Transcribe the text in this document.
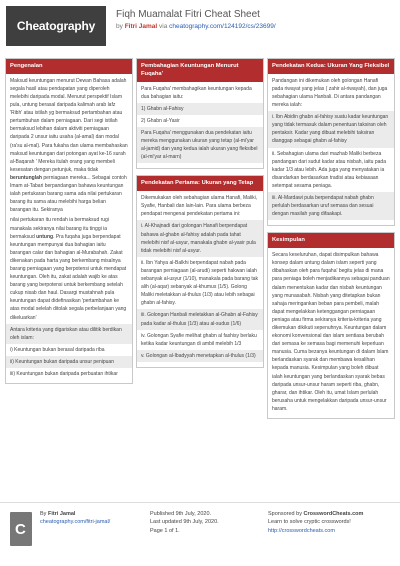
Cheatography
Fiqh Muamalat Fitri Cheat Sheet
by Fitri Jamal via cheatography.com/124192/cs/23699/
Pengenalan

Maksud keuntungan menurut Dewan Bahasa adalah segala hasil atau pendapatan yang diperoleh melebihi daripada modal. Menurut perspektif Islam pula, untung berasal daripada kalimah arab lafz 'Ribh' atau istilah yg bermaksud pertambahan atau pertumbuhan dalam perniagaan. Dari segi istilah bermaksud lebihan dalam aktiviti perniagaan daripada 2 unsur iaitu usaha (al-amal) dan modal (ra'su al-mal). Para fukaha dan ulama membahaskan maksud keuntungan dari potongan ayat ke-16 surah al-Baqarah ' Mereka itulah orang yang membeli kesesatan dengan petunjuk, maka tidak beruntunglah perniagaan mereka... Sebagai contoh Imam at-Tabari berpandangan bahawa keuntungan ialah pertukaran barang sama ada nilai pertukaran barang itu sama atau melebihi harga belian barangan itu. Sekiranya

nilai pertukaran itu rendah ia bermaksud rugi manakala sekiranya nilai barang itu tinggi ia bermaksud untung. Pra fuqaha juga berpendapat keuntungan mempunyai dua bahagian iaitu barangan calar dan bahagian al-Murabahah. Zakat dikenakan pada harta yang berkembang misalnya barang perniagaan yang berpotensi untuk mendapat keuntungan. Oleh itu, zakat adalah wajib ke atas barang yang berpotensi untuk berkembang setelah cukup nisab dan haul. Dasargi mustahnah pula keuntungan dapat didefinasikan 'pertambahan ke atas modal selelah ditolak segala perbelanjaan yang dikeluarkan'

Antara kriteria yang digariskan atau dilitik berdikan oleh islam:

i) Keuntungan bukan berasal daripada riba

ii) Keuntungan bukan daripada unsur penipuan

iii) Keuntungan bukan daripada perbuatan ihtikar

Pembahagian Keuntungan Menurut Fuqaha'

Para Fuqaha' membahagikan keuntungan kepada dua bahagian iaitu:

1) Ghabn al-Fahisy

2) Ghabn al-Yasir

Para Fuqaha' menggunakan dua pendekatan iaitu mereka menggunakan ukuran yang tetap (al-mi'yar al-jamid) dan yang kedua ialah ukuran yang fleksibel (al-mi'yar al-marn)

Pendekatan Pertama: Ukuran yang Tetap

Dikemukakan oleh sebahagian ulama Hanafi, Maliki, Syafie, Hanbali dan lain-lain. Para ulama berbeza pendapat mengenai pendekatan pertama ini:

i. Al-Khajnadi dari golongan Hanafi berpendapat bahawa al-ghabn al-fahisy adalah pada tahat melebihi nisf al-usyur, manakala ghabn al-yasir pula tidak melebihi nisf al-usyur.

ii. Ibn Yahya al-Balkhi berpendapat nabah pada barangan perniagaan (al-arudi) seperti hakwan ialah sebanyak al-usyur (1/10), manakala pada barang tak alih (al-aqar) sebanyak al-khumus (1/5). Golong Maliki meletakkan al-thulus (1/3) atau lebih sebagai ghabn al-fahisy.

iii. Golongan Hanbali meletakkan al-Ghabn al-Fahisy pada kadar al-thulus (1/3) atau al-sudus (1/6)

iv. Golongan Syafie melihat ghabn al fashisy berlaku ketika kadar keuntungan di ambil melebih 1/3

v. Golongan al-Ibadyyah menetapkan al-thulus (1/3)

Pendekatan Kedua: Ukuran Yang Fleksibel

Pandangan ini dikemukan oleh golongan Hanafi pada riwayat yang jelas ( zahir al-riwayah), dan juga sebahagian ulama Hanbali. Di antara pandangan mereka ialah:

i. Ibn Abidin ghabn al-fahisy suatu kadar keuntungan yang tidak termasuk dalam penentuan taksiran oleh pentaksir. Kadar yang dibuat melebihi taksiran dianggap sebagai ghabn al-fahisy

ii. Sebahagian ulama dari mazhab Maliki berbeza pandangan dari sudut kadar atau nisbah, iaitu pada kadar 1/3 atau lebih. Ada juga yang menyatakan ia disandarkan berdasarkan tradisi atau kebiasaan setempat sesama peniaga.

iii. Al-Mardawi pula berpendapat nabah ghabn perlulah berdasarkan uruf semasa dan sesuai dengan masilah yang difaakapi.

Kesimpulan

Secara keseluruhan, dapat disimpulkan bahawa konsep dalam untung dalam islam seperti yang dibahaskan oleh para fuqaha' begitu jelas di mana para peniaga boleh menjadikannya sebagai panduan dalam menentukan kadar dan nisbah keuntungan yang munasabah. Nisbah yang ditetapkan bukan sahaja meringankan beban para pembeli, malah dapat mengelakkan ketenggangan perniagaan peniaga atau firma sekiranya kriteria-kriteria yang dikemukan dikikuti sepenuhnya. Keuntungan dalam ekonomi konvensional dan islam sentiasa berubah dari semasa ke semasa bagi memenuhi keperluan manusia. Cuma bezanya keuntungan di dalam Islam berlandaskan syarak dan membawa kesalihan kepada manusia. Kesimpulan yang boleh dibuat ialah keuntungan yang berlandaskan syarak bebas daripada unsur-unsur haram seperti riba, ghabn, gharar, dan ihtikar. Oleh itu, umat Islam perlulah berusaha untuk mengelakkan daripada unsur-unsur haram.

C
By Fitri Jamal
cheatography.com/fitri-jamal/
Published 9th July, 2020.
Last updated 9th July, 2020.
Page 1 of 1.
Sponsored by CrosswordCheats.com
Learn to solve cryptic crosswords!
http://crosswordcheats.com
